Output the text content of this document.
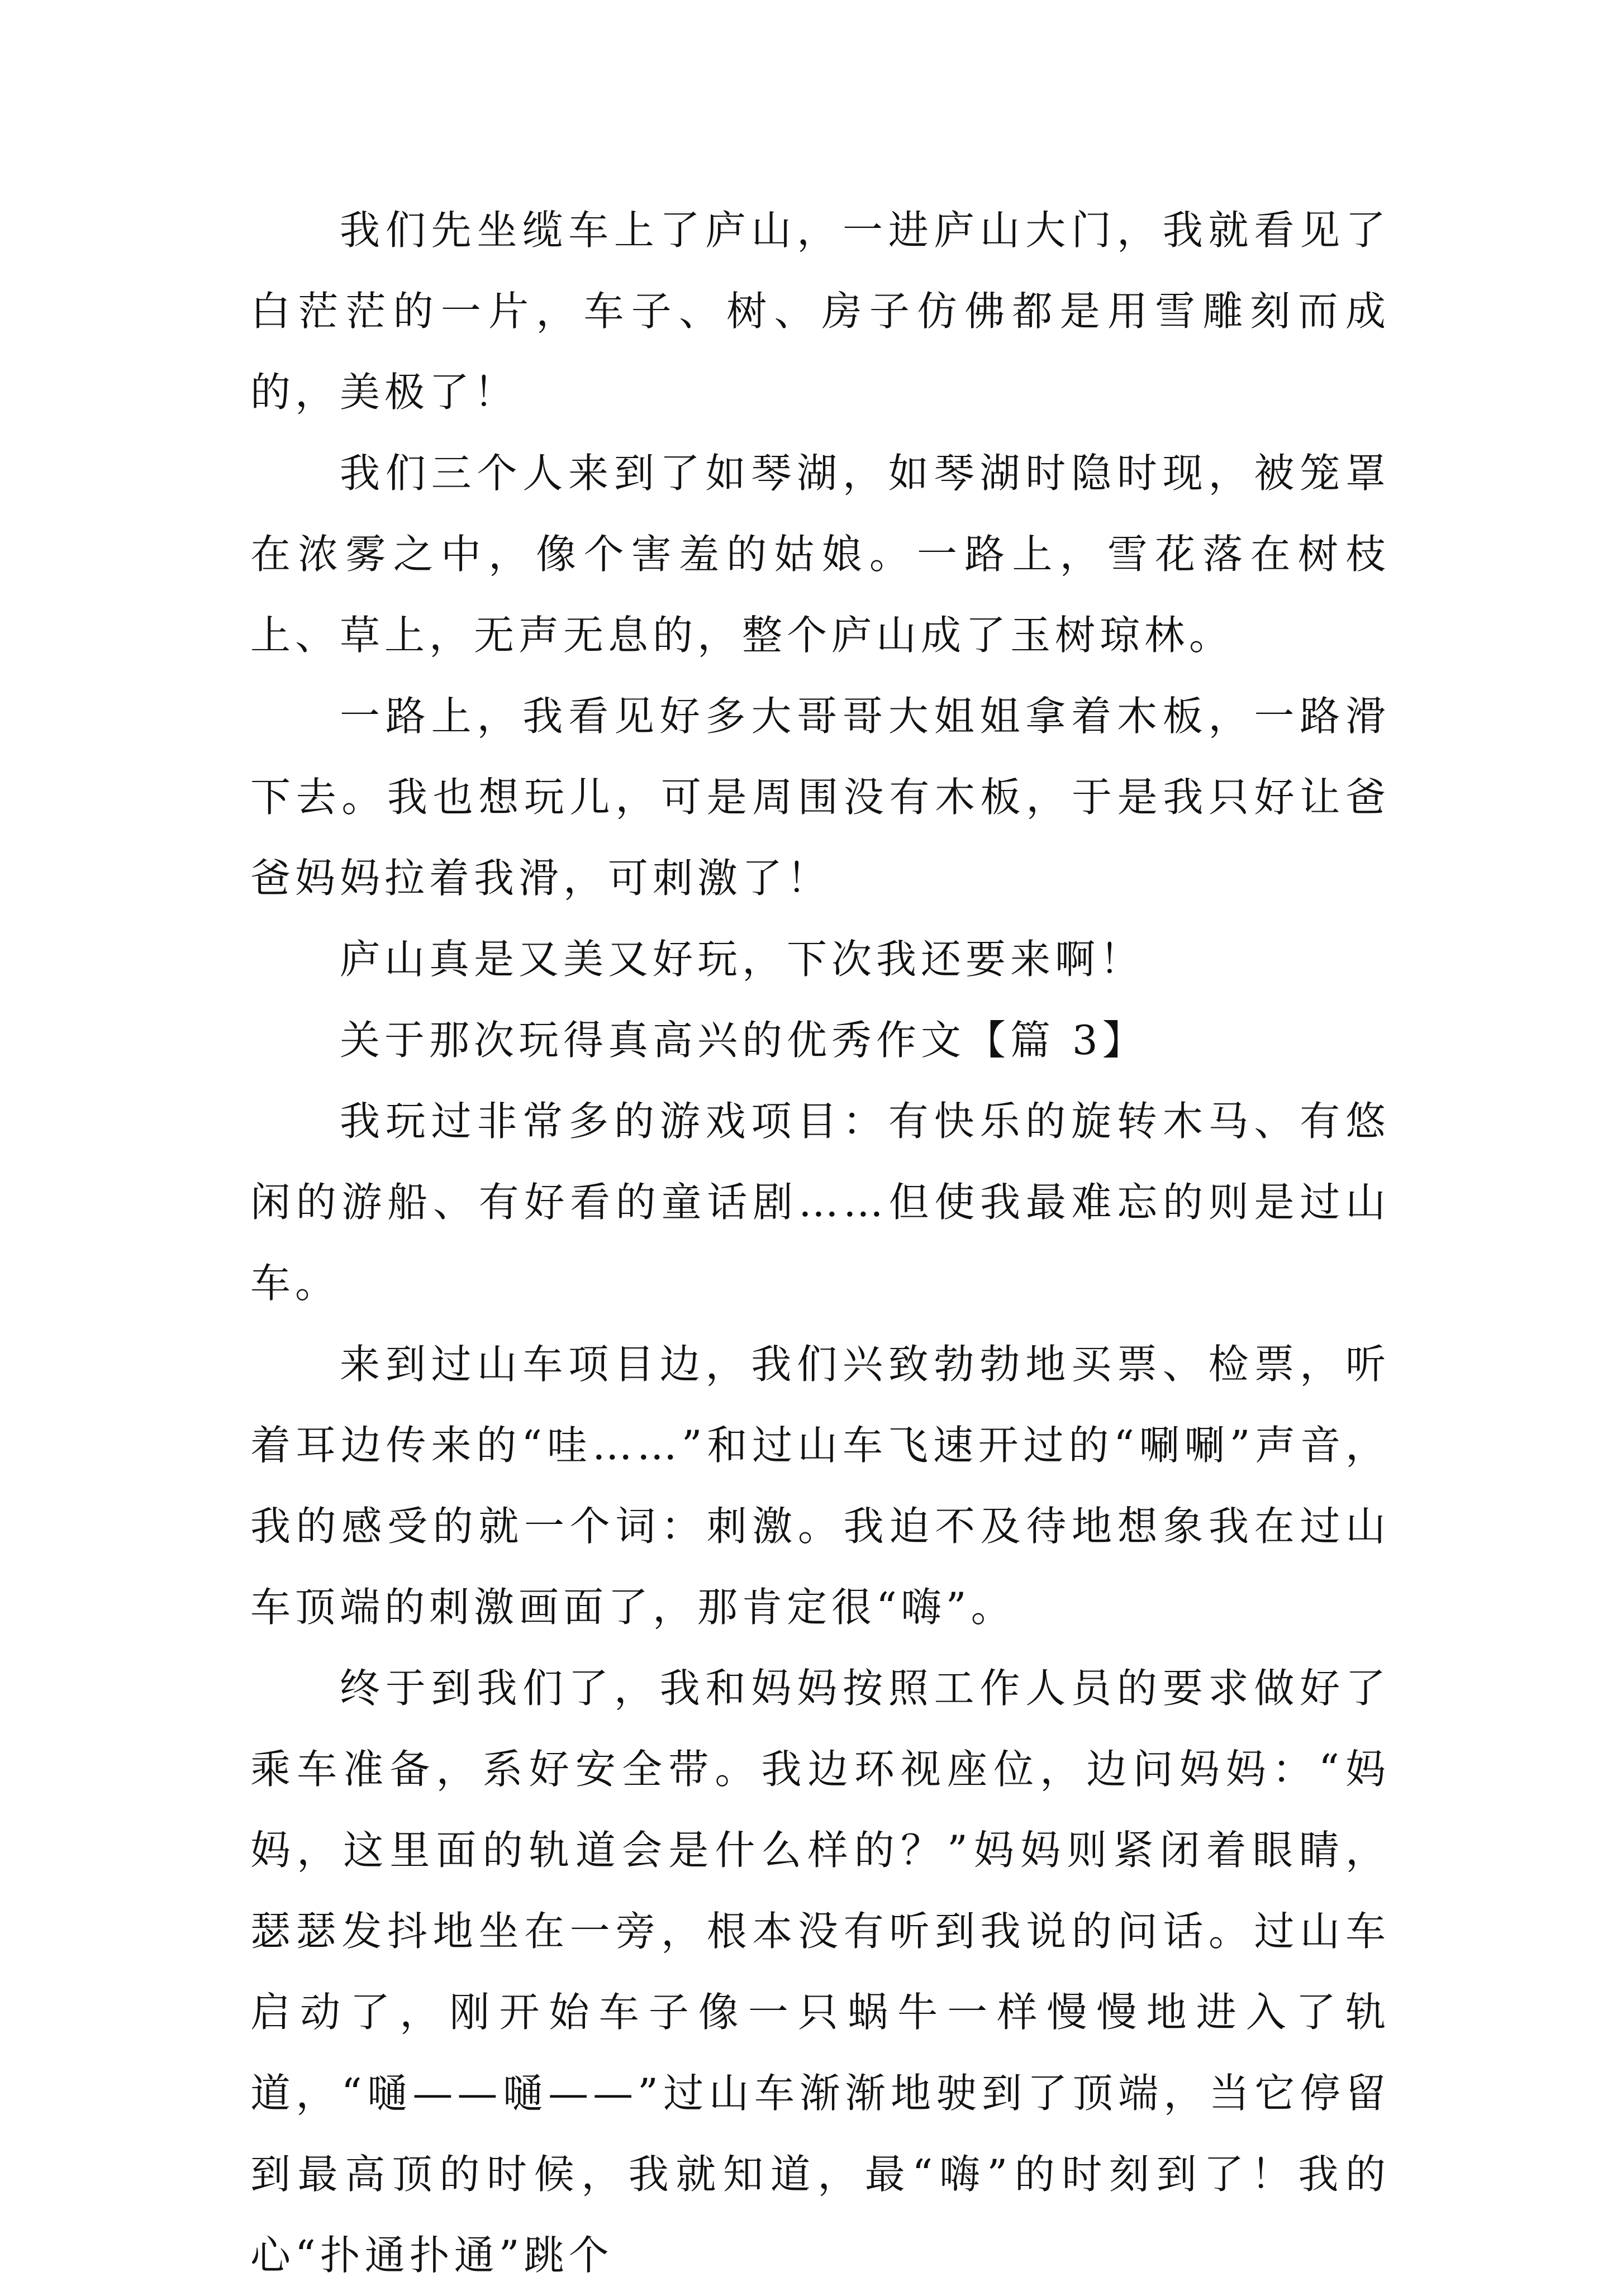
我们先坐缆车上了庐山，一进庐山大门，我就看见了白茫茫的一片，车子、树、房子仿佛都是用雪雕刻而成的，美极了！

我们三个人来到了如琴湖，如琴湖时隐时现，被笼罩在浓雾之中，像个害羞的姑娘。一路上，雪花落在树枝上、草上，无声无息的，整个庐山成了玉树琼林。

一路上，我看见好多大哥哥大姐姐拿着木板，一路滑下去。我也想玩儿，可是周围没有木板，于是我只好让爸爸妈妈拉着我滑，可刺激了！

庐山真是又美又好玩，下次我还要来啊！

关于那次玩得真高兴的优秀作文【篇 3】

我玩过非常多的游戏项目：有快乐的旋转木马、有悠闲的游船、有好看的童话剧……但使我最难忘的则是过山车。

来到过山车项目边，我们兴致勃勃地买票、检票，听着耳边传来的“哇……”和过山车飞速开过的“唰唰”声音，我的感受的就一个词：刺激。我迫不及待地想象我在过山车顶端的刺激画面了，那肯定很“嗨”。

终于到我们了，我和妈妈按照工作人员的要求做好了乘车准备，系好安全带。我边环视座位，边问妈妈：“妈妈，这里面的轨道会是什么样的？”妈妈则紧闭着眼睛，瑟瑟发抖地坐在一旁，根本没有听到我说的问话。过山车启动了，刚开始车子像一只蜗牛一样慢慢地进入了轨道，“嗵——嗵——”过山车渐渐地驶到了顶端，当它停留到最高顶的时候，我就知道，最“嗨”的时刻到了！我的心“扑通扑通”跳个
